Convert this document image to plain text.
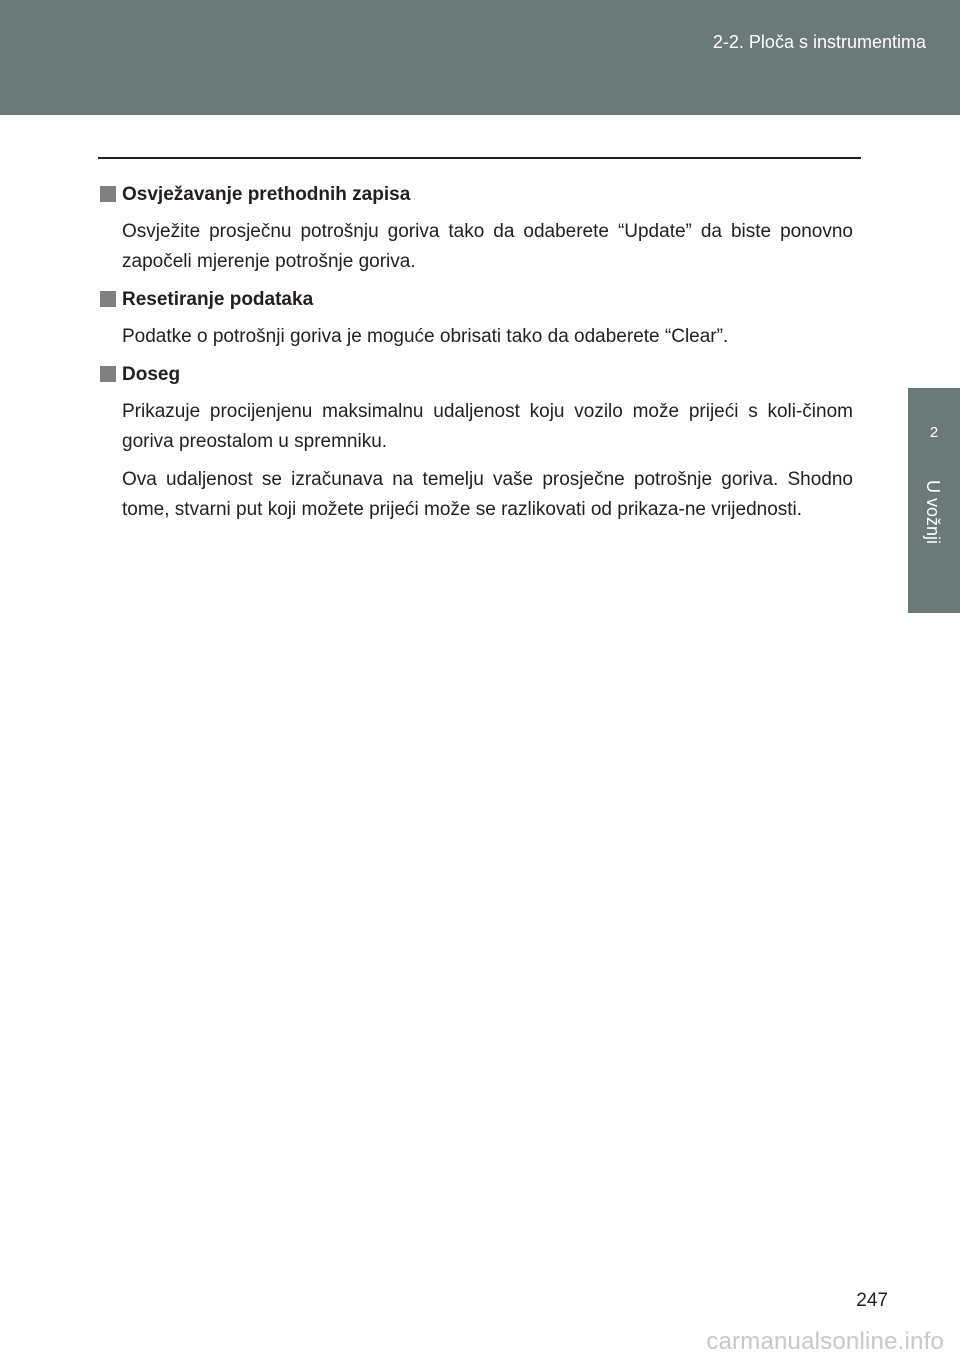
2-2. Ploča s instrumentima
2
U vožnji
Osvježavanje prethodnih zapisa

Osvježite prosječnu potrošnju goriva tako da odaberete “Update” da biste ponovno započeli mjerenje potrošnje goriva.

Resetiranje podataka

Podatke o potrošnji goriva je moguće obrisati tako da odaberete “Clear”.

Doseg

Prikazuje procijenjenu maksimalnu udaljenost koju vozilo može prijeći s koli-činom goriva preostalom u spremniku.

Ova udaljenost se izračunava na temelju vaše prosječne potrošnje goriva. Shodno tome, stvarni put koji možete prijeći može se razlikovati od prikaza-ne vrijednosti.

247
carmanualsonline.info
